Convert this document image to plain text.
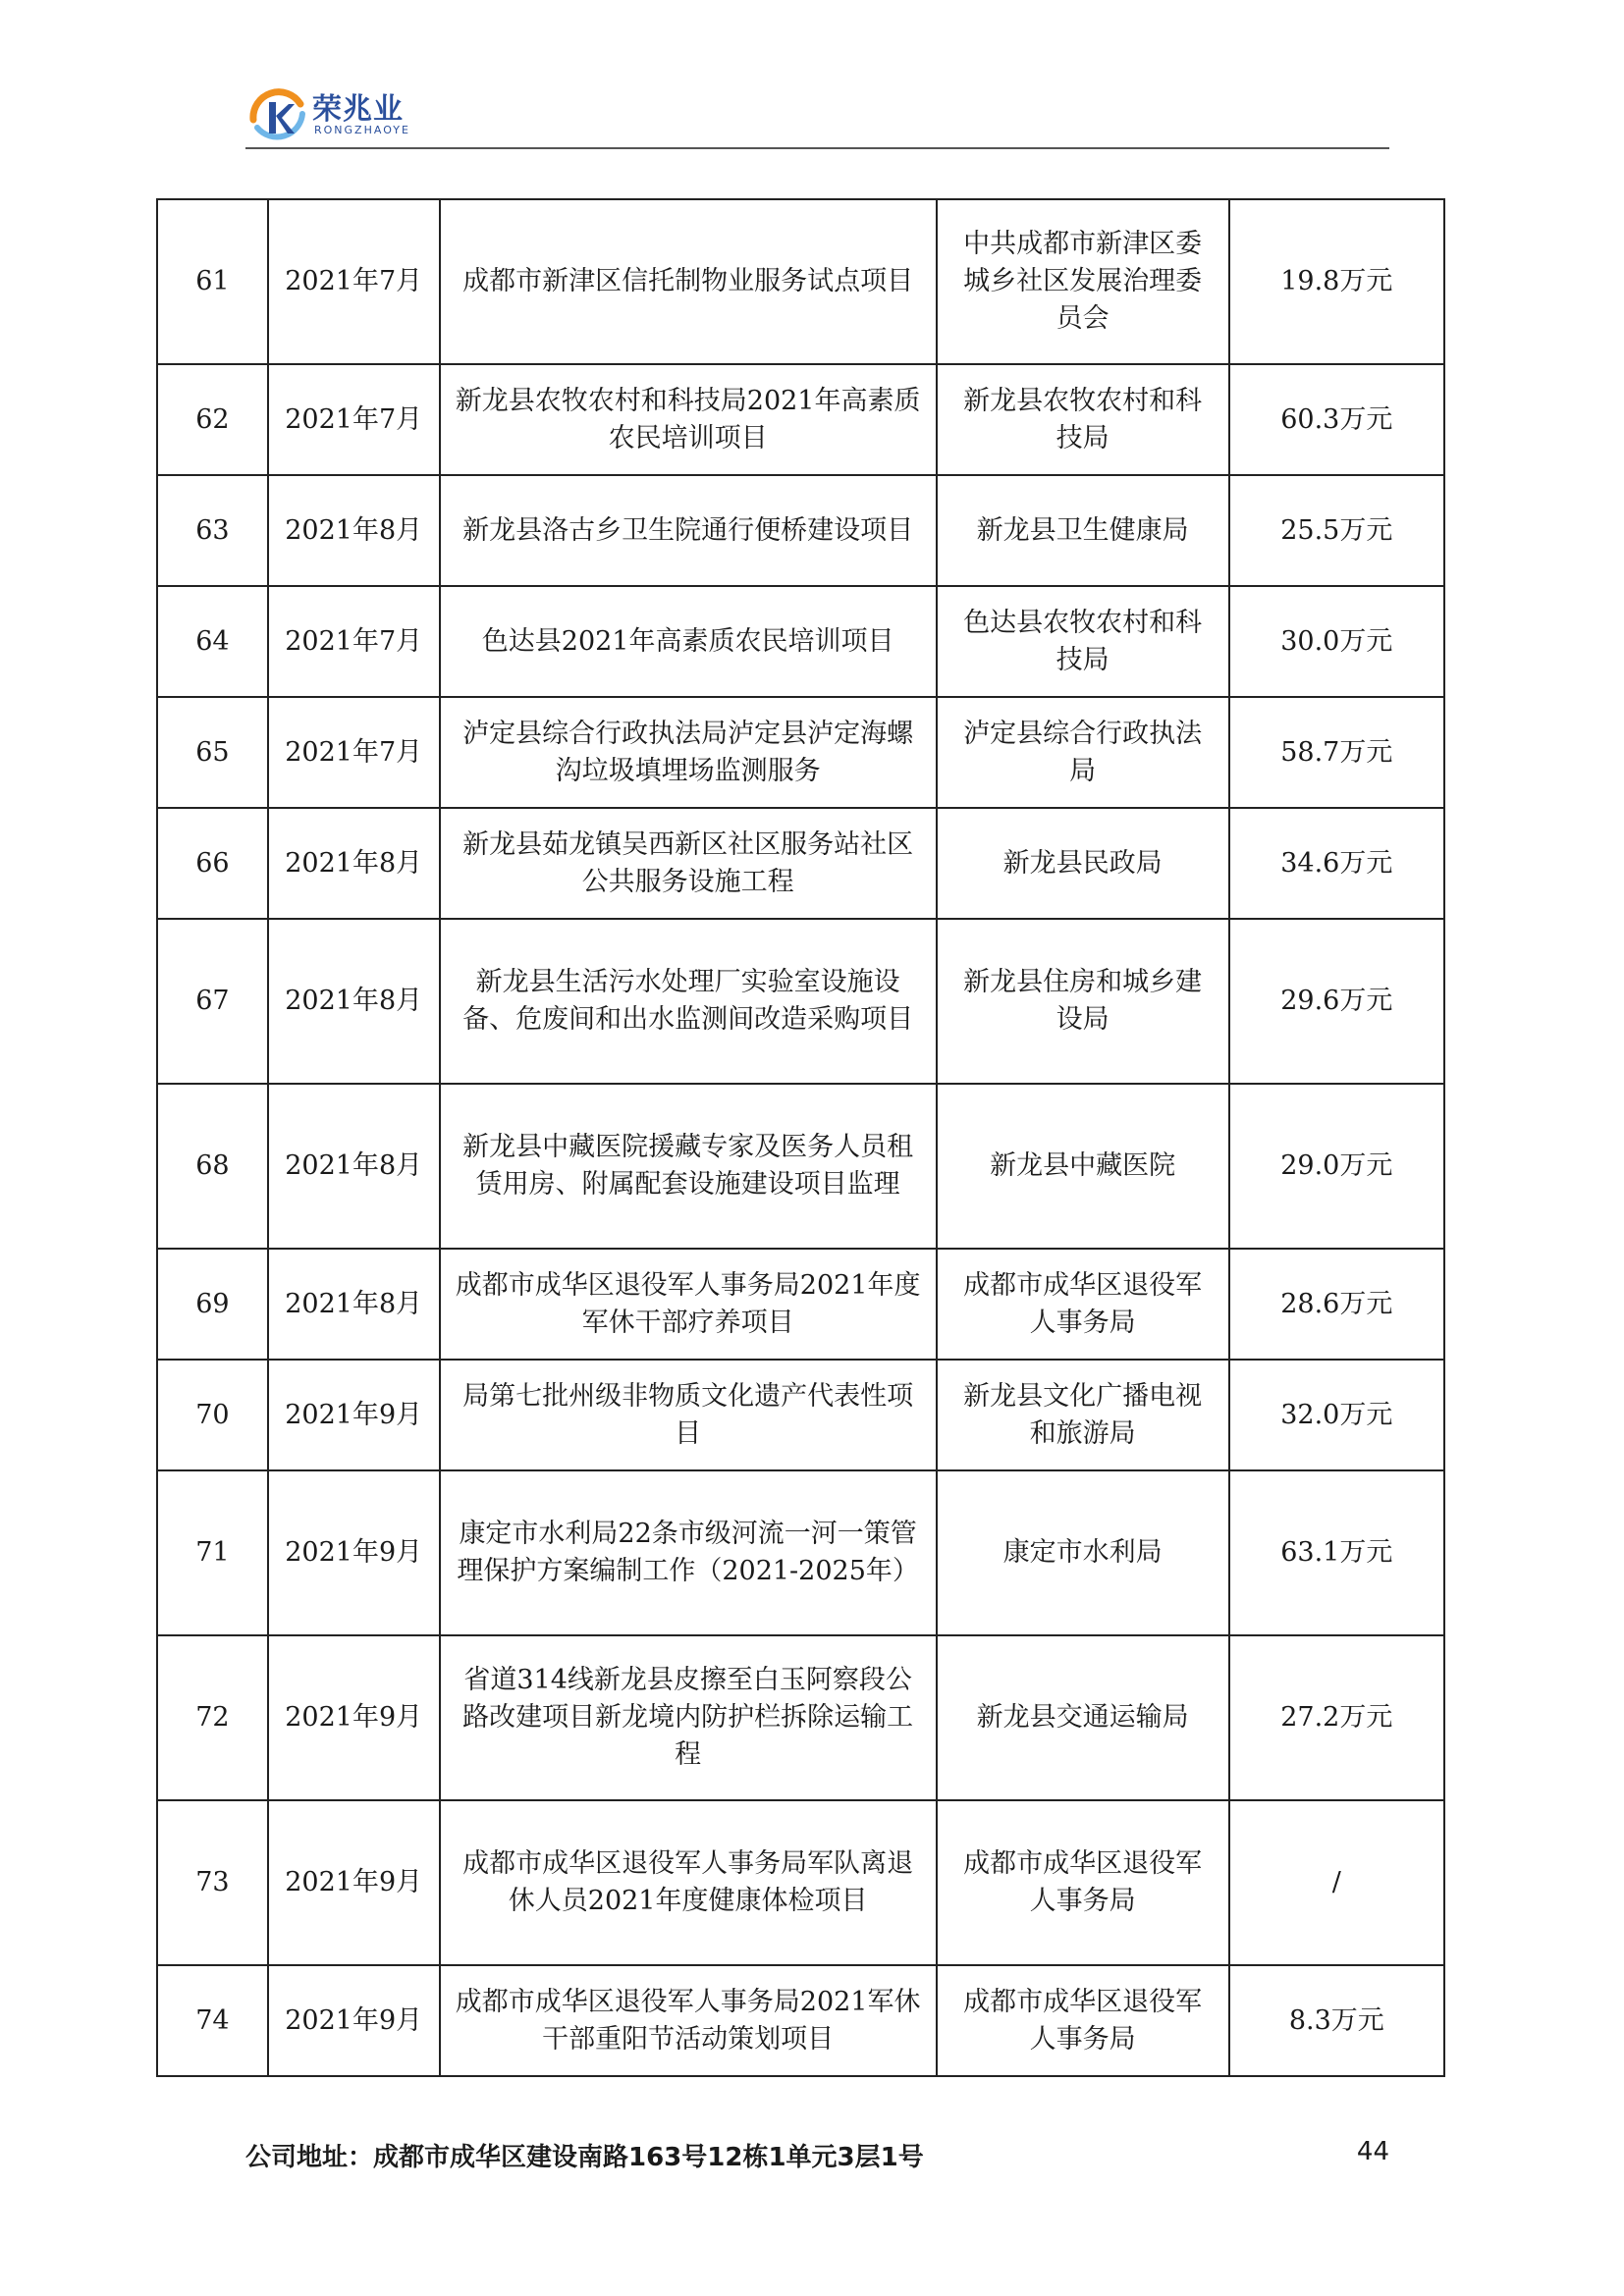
荣兆业
RONGZHAOYE
61	2021年7月	成都市新津区信托制物业服务试点项目	中共成都市新津区委城乡社区发展治理委员会	19.8万元
62	2021年7月	新龙县农牧农村和科技局2021年高素质农民培训项目	新龙县农牧农村和科技局	60.3万元
63	2021年8月	新龙县洛古乡卫生院通行便桥建设项目	新龙县卫生健康局	25.5万元
64	2021年7月	色达县2021年高素质农民培训项目	色达县农牧农村和科技局	30.0万元
65	2021年7月	泸定县综合行政执法局泸定县泸定海螺沟垃圾填埋场监测服务	泸定县综合行政执法局	58.7万元
66	2021年8月	新龙县茹龙镇吴西新区社区服务站社区公共服务设施工程	新龙县民政局	34.6万元
67	2021年8月	新龙县生活污水处理厂实验室设施设备、危废间和出水监测间改造采购项目	新龙县住房和城乡建设局	29.6万元
68	2021年8月	新龙县中藏医院援藏专家及医务人员租赁用房、附属配套设施建设项目监理	新龙县中藏医院	29.0万元
69	2021年8月	成都市成华区退役军人事务局2021年度军休干部疗养项目	成都市成华区退役军人事务局	28.6万元
70	2021年9月	局第七批州级非物质文化遗产代表性项目	新龙县文化广播电视和旅游局	32.0万元
71	2021年9月	康定市水利局22条市级河流一河一策管理保护方案编制工作（2021-2025年）	康定市水利局	63.1万元
72	2021年9月	省道314线新龙县皮擦至白玉阿察段公路改建项目新龙境内防护栏拆除运输工程	新龙县交通运输局	27.2万元
73	2021年9月	成都市成华区退役军人事务局军队离退休人员2021年度健康体检项目	成都市成华区退役军人事务局	/
74	2021年9月	成都市成华区退役军人事务局2021军休干部重阳节活动策划项目	成都市成华区退役军人事务局	8.3万元
公司地址：成都市成华区建设南路163号12栋1单元3层1号	44
